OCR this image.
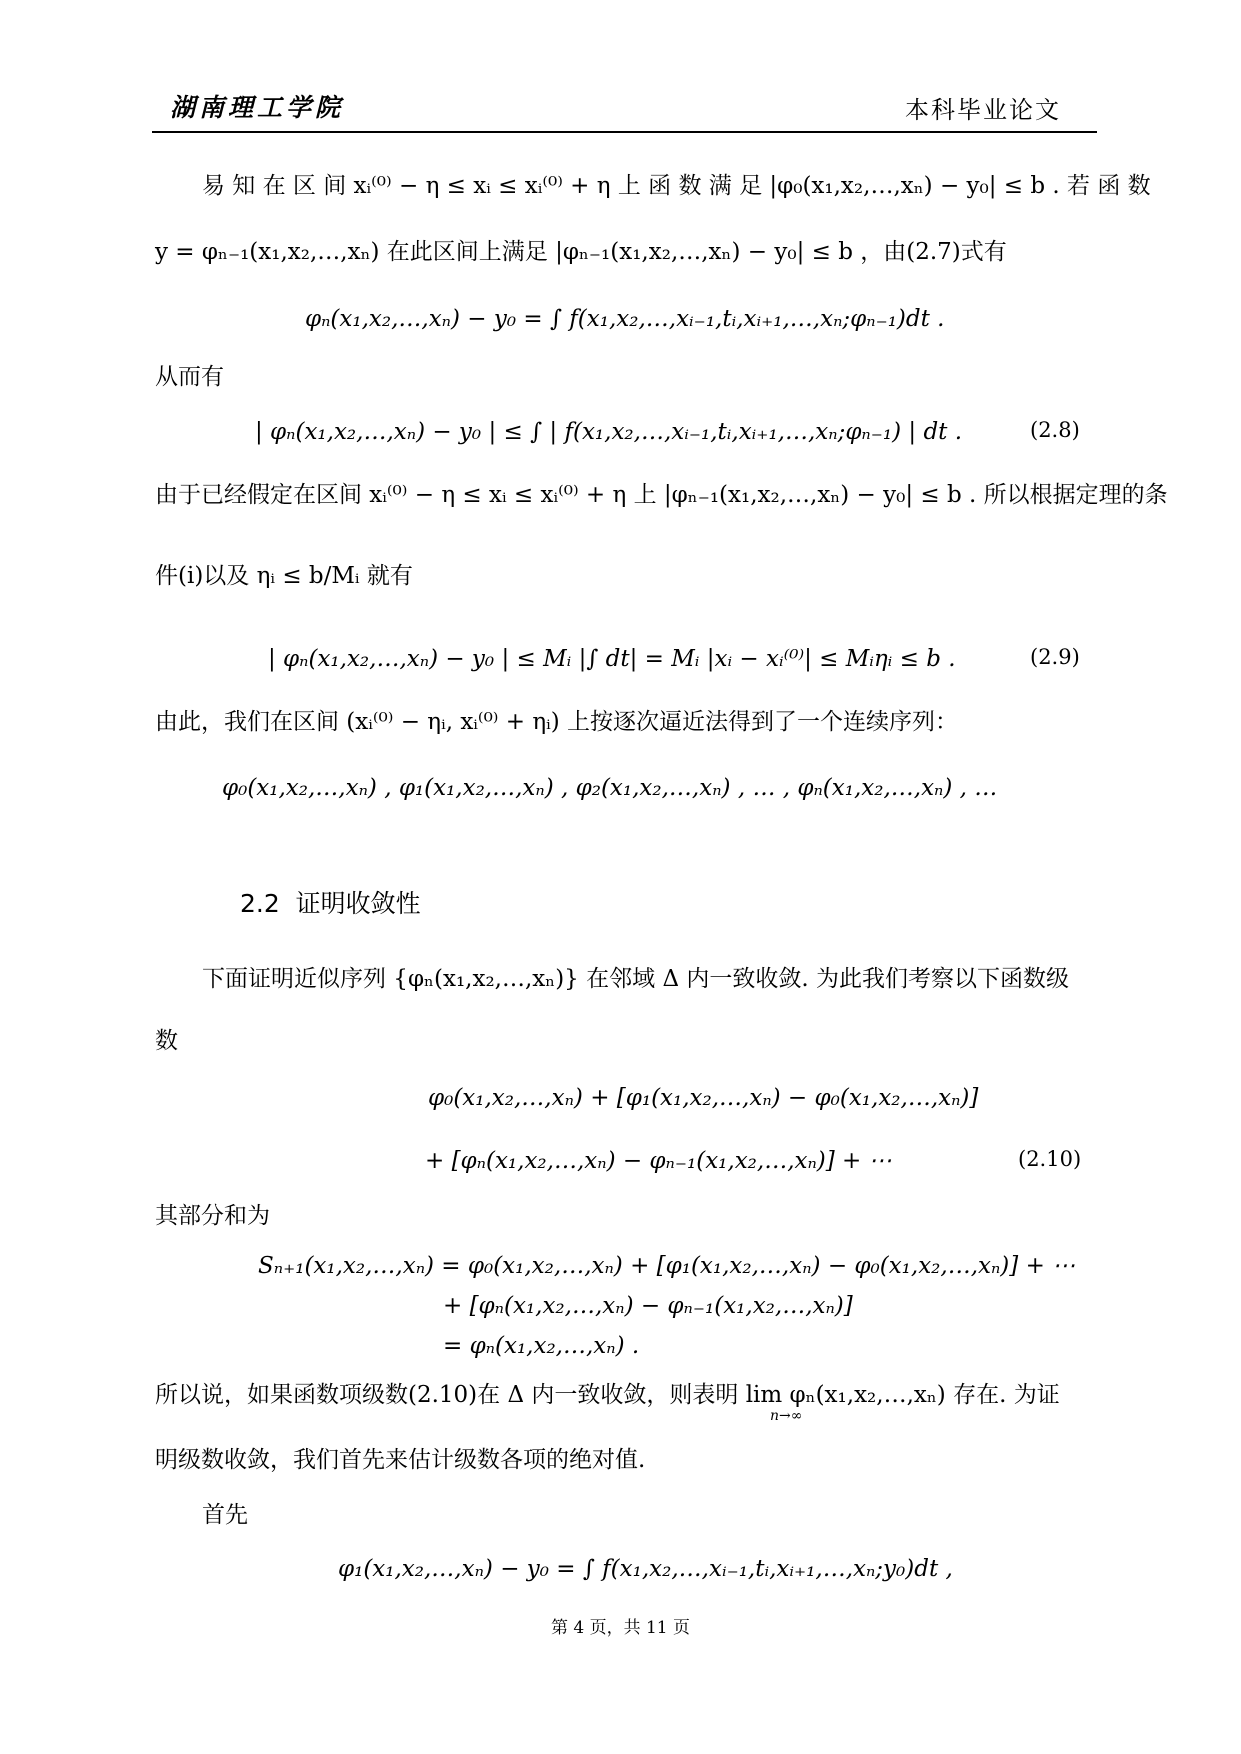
湖南理工学院	本科毕业论文
易 知 在 区 间 xᵢ⁽⁰⁾ − η ≤ xᵢ ≤ xᵢ⁽⁰⁾ + η 上 函 数 满 足 |φ₀(x₁,x₂,…,xₙ) − y₀| ≤ b . 若 函 数
y = φₙ₋₁(x₁,x₂,…,xₙ) 在此区间上满足 |φₙ₋₁(x₁,x₂,…,xₙ) − y₀| ≤ b ，由(2.7)式有
φₙ(x₁,x₂,…,xₙ) − y₀ = ∫ f(x₁,x₂,…,xᵢ₋₁,tᵢ,xᵢ₊₁,…,xₙ;φₙ₋₁)dt .
从而有
| φₙ(x₁,x₂,…,xₙ) − y₀ | ≤ ∫ | f(x₁,x₂,…,xᵢ₋₁,tᵢ,xᵢ₊₁,…,xₙ;φₙ₋₁) | dt .	(2.8)
由于已经假定在区间 xᵢ⁽⁰⁾ − η ≤ xᵢ ≤ xᵢ⁽⁰⁾ + η 上 |φₙ₋₁(x₁,x₂,…,xₙ) − y₀| ≤ b . 所以根据定理的条
件(ⅰ)以及 ηᵢ ≤ b/Mᵢ 就有
| φₙ(x₁,x₂,…,xₙ) − y₀ | ≤ Mᵢ |∫ dt| = Mᵢ |xᵢ − xᵢ⁽⁰⁾| ≤ Mᵢηᵢ ≤ b .	(2.9)
由此，我们在区间 (xᵢ⁽⁰⁾ − ηᵢ, xᵢ⁽⁰⁾ + ηᵢ) 上按逐次逼近法得到了一个连续序列：
φ₀(x₁,x₂,…,xₙ) , φ₁(x₁,x₂,…,xₙ) , φ₂(x₁,x₂,…,xₙ) , … , φₙ(x₁,x₂,…,xₙ) , …
2.2 证明收敛性
下面证明近似序列 {φₙ(x₁,x₂,…,xₙ)} 在邻域 Δ 内一致收敛. 为此我们考察以下函数级
数
φ₀(x₁,x₂,…,xₙ) + [φ₁(x₁,x₂,…,xₙ) − φ₀(x₁,x₂,…,xₙ)]
+ [φₙ(x₁,x₂,…,xₙ) − φₙ₋₁(x₁,x₂,…,xₙ)] + ⋯	(2.10)
其部分和为
Sₙ₊₁(x₁,x₂,…,xₙ) = φ₀(x₁,x₂,…,xₙ) + [φ₁(x₁,x₂,…,xₙ) − φ₀(x₁,x₂,…,xₙ)] + ⋯
+ [φₙ(x₁,x₂,…,xₙ) − φₙ₋₁(x₁,x₂,…,xₙ)]
= φₙ(x₁,x₂,…,xₙ) .
所以说，如果函数项级数(2.10)在 Δ 内一致收敛，则表明 lim φₙ(x₁,x₂,…,xₙ) 存在. 为证
n→∞
明级数收敛，我们首先来估计级数各项的绝对值.
首先
φ₁(x₁,x₂,…,xₙ) − y₀ = ∫ f(x₁,x₂,…,xᵢ₋₁,tᵢ,xᵢ₊₁,…,xₙ;y₀)dt ,
第 4 页，共 11 页
